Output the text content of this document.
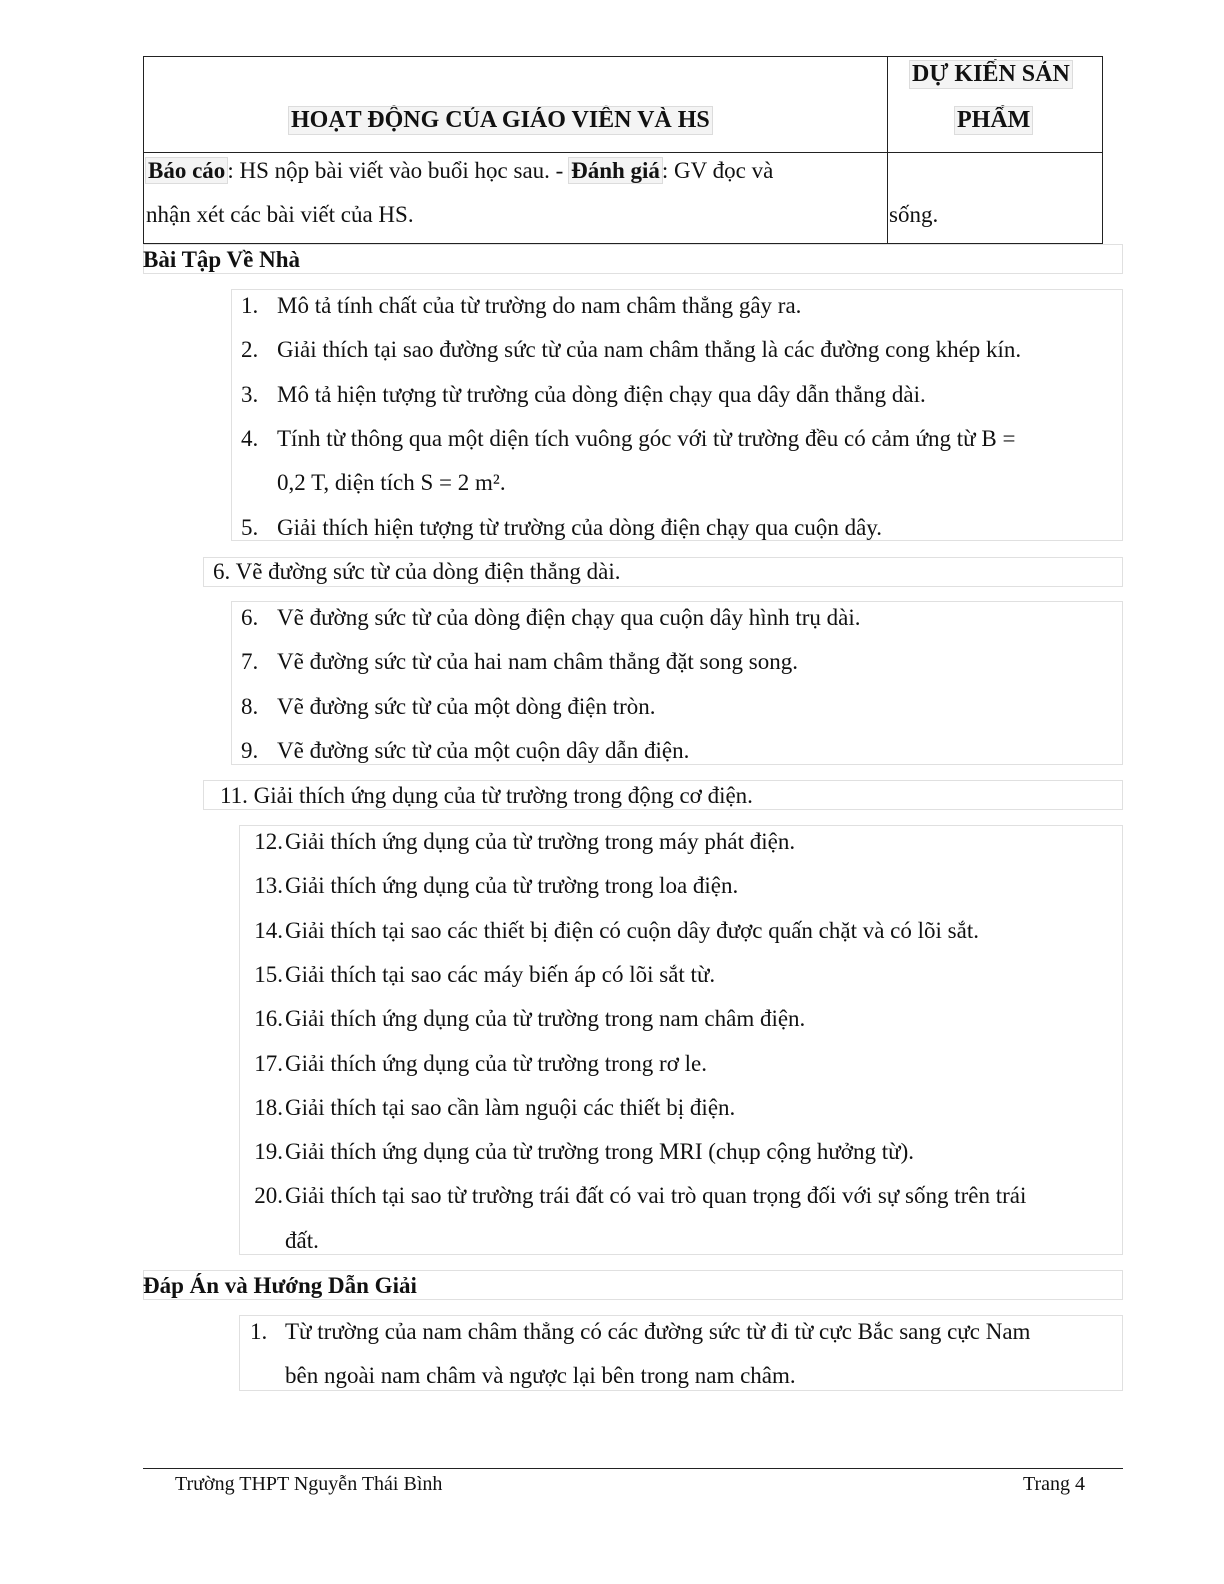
HOẠT ĐỘNG CỦA GIÁO VIÊN VÀ HS
DỰ KIẾN SẢN
PHẨM
Báo cáo: HS nộp bài viết vào buổi học sau. - Đánh giá: GV đọc và
nhận xét các bài viết của HS.	sống.
Bài Tập Về Nhà
1. Mô tả tính chất của từ trường do nam châm thẳng gây ra.
2. Giải thích tại sao đường sức từ của nam châm thẳng là các đường cong khép kín.
3. Mô tả hiện tượng từ trường của dòng điện chạy qua dây dẫn thẳng dài.
4. Tính từ thông qua một diện tích vuông góc với từ trường đều có cảm ứng từ B =
0,2 T, diện tích S = 2 m².
5. Giải thích hiện tượng từ trường của dòng điện chạy qua cuộn dây.
6. Vẽ đường sức từ của dòng điện thẳng dài.
6. Vẽ đường sức từ của dòng điện chạy qua cuộn dây hình trụ dài.
7. Vẽ đường sức từ của hai nam châm thẳng đặt song song.
8. Vẽ đường sức từ của một dòng điện tròn.
9. Vẽ đường sức từ của một cuộn dây dẫn điện.
11. Giải thích ứng dụng của từ trường trong động cơ điện.
12. Giải thích ứng dụng của từ trường trong máy phát điện.
13. Giải thích ứng dụng của từ trường trong loa điện.
14. Giải thích tại sao các thiết bị điện có cuộn dây được quấn chặt và có lõi sắt.
15. Giải thích tại sao các máy biến áp có lõi sắt từ.
16. Giải thích ứng dụng của từ trường trong nam châm điện.
17. Giải thích ứng dụng của từ trường trong rơ le.
18. Giải thích tại sao cần làm nguội các thiết bị điện.
19. Giải thích ứng dụng của từ trường trong MRI (chụp cộng hưởng từ).
20. Giải thích tại sao từ trường trái đất có vai trò quan trọng đối với sự sống trên trái
đất.
Đáp Án và Hướng Dẫn Giải
1. Từ trường của nam châm thẳng có các đường sức từ đi từ cực Bắc sang cực Nam
bên ngoài nam châm và ngược lại bên trong nam châm.
Trường THPT Nguyễn Thái Bình	Trang 4
